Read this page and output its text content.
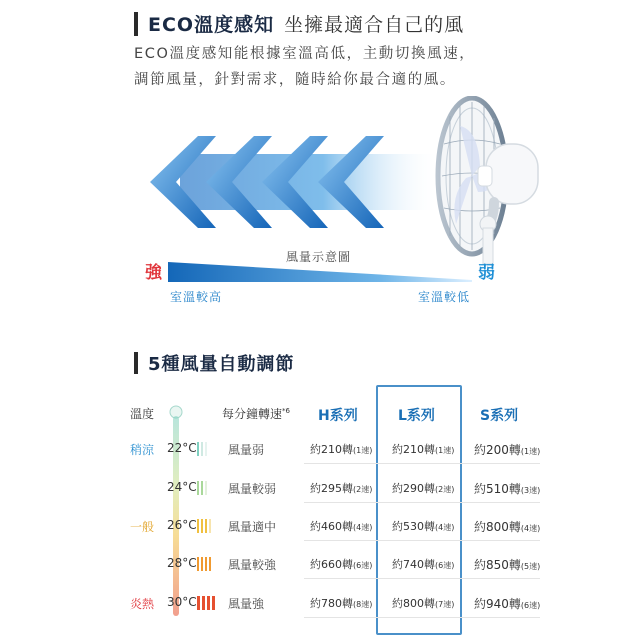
ECO溫度感知 坐擁最適合自己的風
ECO溫度感知能根據室溫高低，主動切換風速，
調節風量，針對需求，隨時給你最合適的風。
風量示意圖
強	弱
室溫較高	室溫較低
5種風量自動調節
溫度	每分鐘轉速$^{*6}$ H系列	L系列	S系列
稍涼 22°C	風量弱	約210轉(1速) 約210轉(1速) 約200轉(1速)
24°C	風量較弱	約295轉(2速) 約290轉(2速) 約510轉(3速)
一般 26°C	風量適中	約460轉(4速) 約530轉(4速) 約800轉(4速)
28°C	風量較強	約660轉(6速) 約740轉(6速) 約850轉(5速)
炎熱 30°C	風量強	約780轉(8速) 約800轉(7速) 約940轉(6速)
